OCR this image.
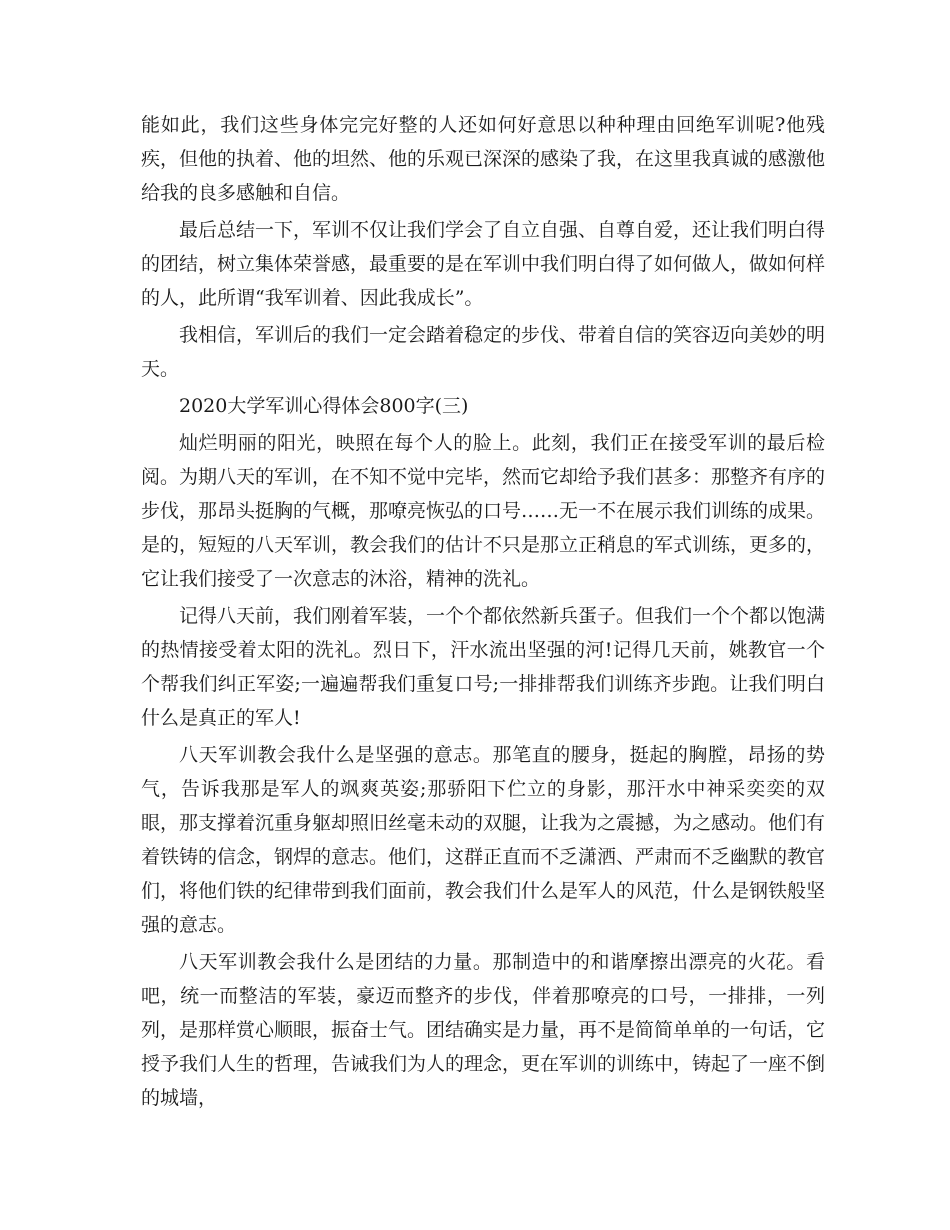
能如此，我们这些身体完完好整的人还如何好意思以种种理由回绝军训呢?他残疾，但他的执着、他的坦然、他的乐观已深深的感染了我，在这里我真诚的感激他给我的良多感触和自信。

最后总结一下，军训不仅让我们学会了自立自强、自尊自爱，还让我们明白得的团结，树立集体荣誉感，最重要的是在军训中我们明白得了如何做人，做如何样的人，此所谓“我军训着、因此我成长”。

我相信，军训后的我们一定会踏着稳定的步伐、带着自信的笑容迈向美妙的明天。

2020大学军训心得体会800字(三)

灿烂明丽的阳光，映照在每个人的脸上。此刻，我们正在接受军训的最后检阅。为期八天的军训，在不知不觉中完毕，然而它却给予我们甚多：那整齐有序的步伐，那昂头挺胸的气概，那嘹亮恢弘的口号……无一不在展示我们训练的成果。是的，短短的八天军训，教会我们的估计不只是那立正稍息的军式训练，更多的，它让我们接受了一次意志的沐浴，精神的洗礼。

记得八天前，我们刚着军装，一个个都依然新兵蛋子。但我们一个个都以饱满的热情接受着太阳的洗礼。烈日下，汗水流出坚强的河!记得几天前，姚教官一个个帮我们纠正军姿;一遍遍帮我们重复口号;一排排帮我们训练齐步跑。让我们明白什么是真正的军人!

八天军训教会我什么是坚强的意志。那笔直的腰身，挺起的胸膛，昂扬的势气，告诉我那是军人的飒爽英姿;那骄阳下伫立的身影，那汗水中神采奕奕的双眼，那支撑着沉重身躯却照旧丝毫未动的双腿，让我为之震撼，为之感动。他们有着铁铸的信念，钢焊的意志。他们，这群正直而不乏潇洒、严肃而不乏幽默的教官们，将他们铁的纪律带到我们面前，教会我们什么是军人的风范，什么是钢铁般坚强的意志。

八天军训教会我什么是团结的力量。那制造中的和谐摩擦出漂亮的火花。看吧，统一而整洁的军装，豪迈而整齐的步伐，伴着那嘹亮的口号，一排排，一列列，是那样赏心顺眼，振奋士气。团结确实是力量，再不是简简单单的一句话，它授予我们人生的哲理，告诫我们为人的理念，更在军训的训练中，铸起了一座不倒的城墙，
